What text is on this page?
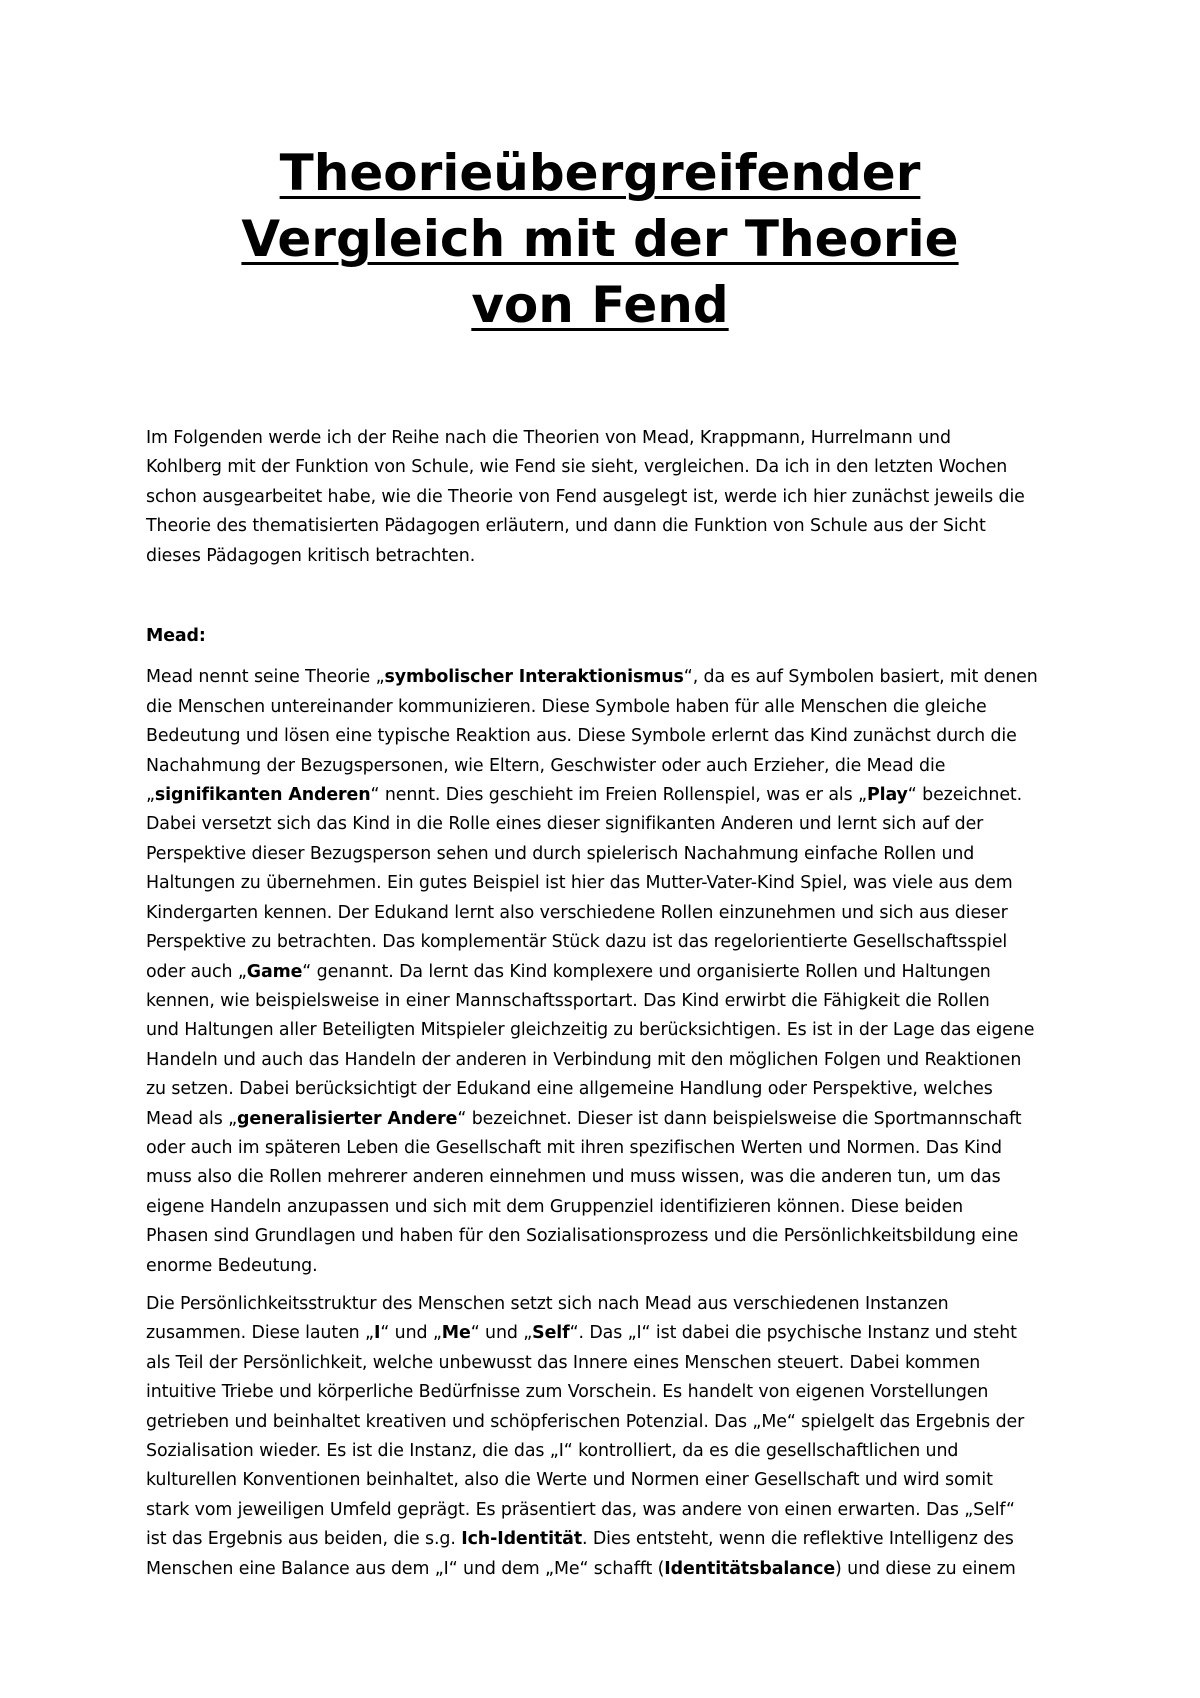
Theorieübergreifender
Vergleich mit der Theorie
von Fend

Im Folgenden werde ich der Reihe nach die Theorien von Mead, Krappmann, Hurrelmann und
Kohlberg mit der Funktion von Schule, wie Fend sie sieht, vergleichen. Da ich in den letzten Wochen
schon ausgearbeitet habe, wie die Theorie von Fend ausgelegt ist, werde ich hier zunächst jeweils die
Theorie des thematisierten Pädagogen erläutern, und dann die Funktion von Schule aus der Sicht
dieses Pädagogen kritisch betrachten.

Mead:

Mead nennt seine Theorie „symbolischer Interaktionismus“, da es auf Symbolen basiert, mit denen
die Menschen untereinander kommunizieren. Diese Symbole haben für alle Menschen die gleiche
Bedeutung und lösen eine typische Reaktion aus. Diese Symbole erlernt das Kind zunächst durch die
Nachahmung der Bezugspersonen, wie Eltern, Geschwister oder auch Erzieher, die Mead die
„signifikanten Anderen“ nennt. Dies geschieht im Freien Rollenspiel, was er als „Play“ bezeichnet.
Dabei versetzt sich das Kind in die Rolle eines dieser signifikanten Anderen und lernt sich auf der
Perspektive dieser Bezugsperson sehen und durch spielerisch Nachahmung einfache Rollen und
Haltungen zu übernehmen. Ein gutes Beispiel ist hier das Mutter-Vater-Kind Spiel, was viele aus dem
Kindergarten kennen. Der Edukand lernt also verschiedene Rollen einzunehmen und sich aus dieser
Perspektive zu betrachten. Das komplementär Stück dazu ist das regelorientierte Gesellschaftsspiel
oder auch „Game“ genannt. Da lernt das Kind komplexere und organisierte Rollen und Haltungen
kennen, wie beispielsweise in einer Mannschaftssportart. Das Kind erwirbt die Fähigkeit die Rollen
und Haltungen aller Beteiligten Mitspieler gleichzeitig zu berücksichtigen. Es ist in der Lage das eigene
Handeln und auch das Handeln der anderen in Verbindung mit den möglichen Folgen und Reaktionen
zu setzen. Dabei berücksichtigt der Edukand eine allgemeine Handlung oder Perspektive, welches
Mead als „generalisierter Andere“ bezeichnet. Dieser ist dann beispielsweise die Sportmannschaft
oder auch im späteren Leben die Gesellschaft mit ihren spezifischen Werten und Normen. Das Kind
muss also die Rollen mehrerer anderen einnehmen und muss wissen, was die anderen tun, um das
eigene Handeln anzupassen und sich mit dem Gruppenziel identifizieren können. Diese beiden
Phasen sind Grundlagen und haben für den Sozialisationsprozess und die Persönlichkeitsbildung eine
enorme Bedeutung.

Die Persönlichkeitsstruktur des Menschen setzt sich nach Mead aus verschiedenen Instanzen
zusammen. Diese lauten „I“ und „Me“ und „Self“. Das „I“ ist dabei die psychische Instanz und steht
als Teil der Persönlichkeit, welche unbewusst das Innere eines Menschen steuert. Dabei kommen
intuitive Triebe und körperliche Bedürfnisse zum Vorschein. Es handelt von eigenen Vorstellungen
getrieben und beinhaltet kreativen und schöpferischen Potenzial. Das „Me“ spielgelt das Ergebnis der
Sozialisation wieder. Es ist die Instanz, die das „I“ kontrolliert, da es die gesellschaftlichen und
kulturellen Konventionen beinhaltet, also die Werte und Normen einer Gesellschaft und wird somit
stark vom jeweiligen Umfeld geprägt. Es präsentiert das, was andere von einen erwarten. Das „Self“
ist das Ergebnis aus beiden, die s.g. Ich-Identität. Dies entsteht, wenn die reflektive Intelligenz des
Menschen eine Balance aus dem „I“ und dem „Me“ schafft (Identitätsbalance) und diese zu einem
